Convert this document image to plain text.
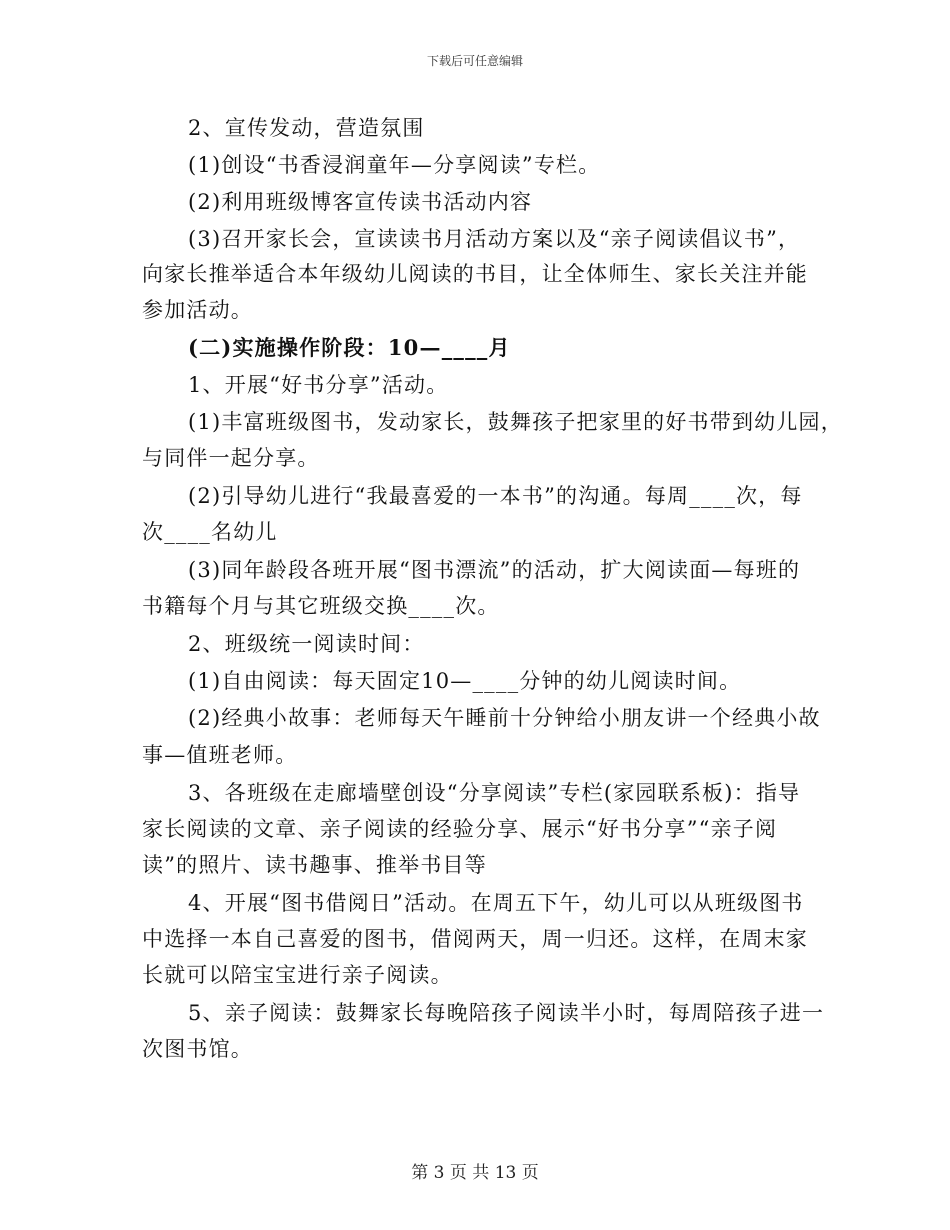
下载后可任意编辑
2、宣传发动，营造氛围
(1)创设“书香浸润童年—分享阅读”专栏。
(2)利用班级博客宣传读书活动内容
(3)召开家长会，宣读读书月活动方案以及“亲子阅读倡议书”，
向家长推举适合本年级幼儿阅读的书目，让全体师生、家长关注并能
参加活动。
(二)实施操作阶段：10—____月
1、开展“好书分享”活动。
(1)丰富班级图书，发动家长，鼓舞孩子把家里的好书带到幼儿园，
与同伴一起分享。
(2)引导幼儿进行“我最喜爱的一本书”的沟通。每周____次，每
次____名幼儿
(3)同年龄段各班开展“图书漂流”的活动，扩大阅读面—每班的
书籍每个月与其它班级交换____次。
2、班级统一阅读时间：
(1)自由阅读：每天固定10—____分钟的幼儿阅读时间。
(2)经典小故事：老师每天午睡前十分钟给小朋友讲一个经典小故
事—值班老师。
3、各班级在走廊墙壁创设“分享阅读”专栏(家园联系板)：指导
家长阅读的文章、亲子阅读的经验分享、展示“好书分享”“亲子阅
读”的照片、读书趣事、推举书目等
4、开展“图书借阅日”活动。在周五下午，幼儿可以从班级图书
中选择一本自己喜爱的图书，借阅两天，周一归还。这样，在周末家
长就可以陪宝宝进行亲子阅读。
5、亲子阅读：鼓舞家长每晚陪孩子阅读半小时，每周陪孩子进一
次图书馆。
第 3 页 共 13 页
